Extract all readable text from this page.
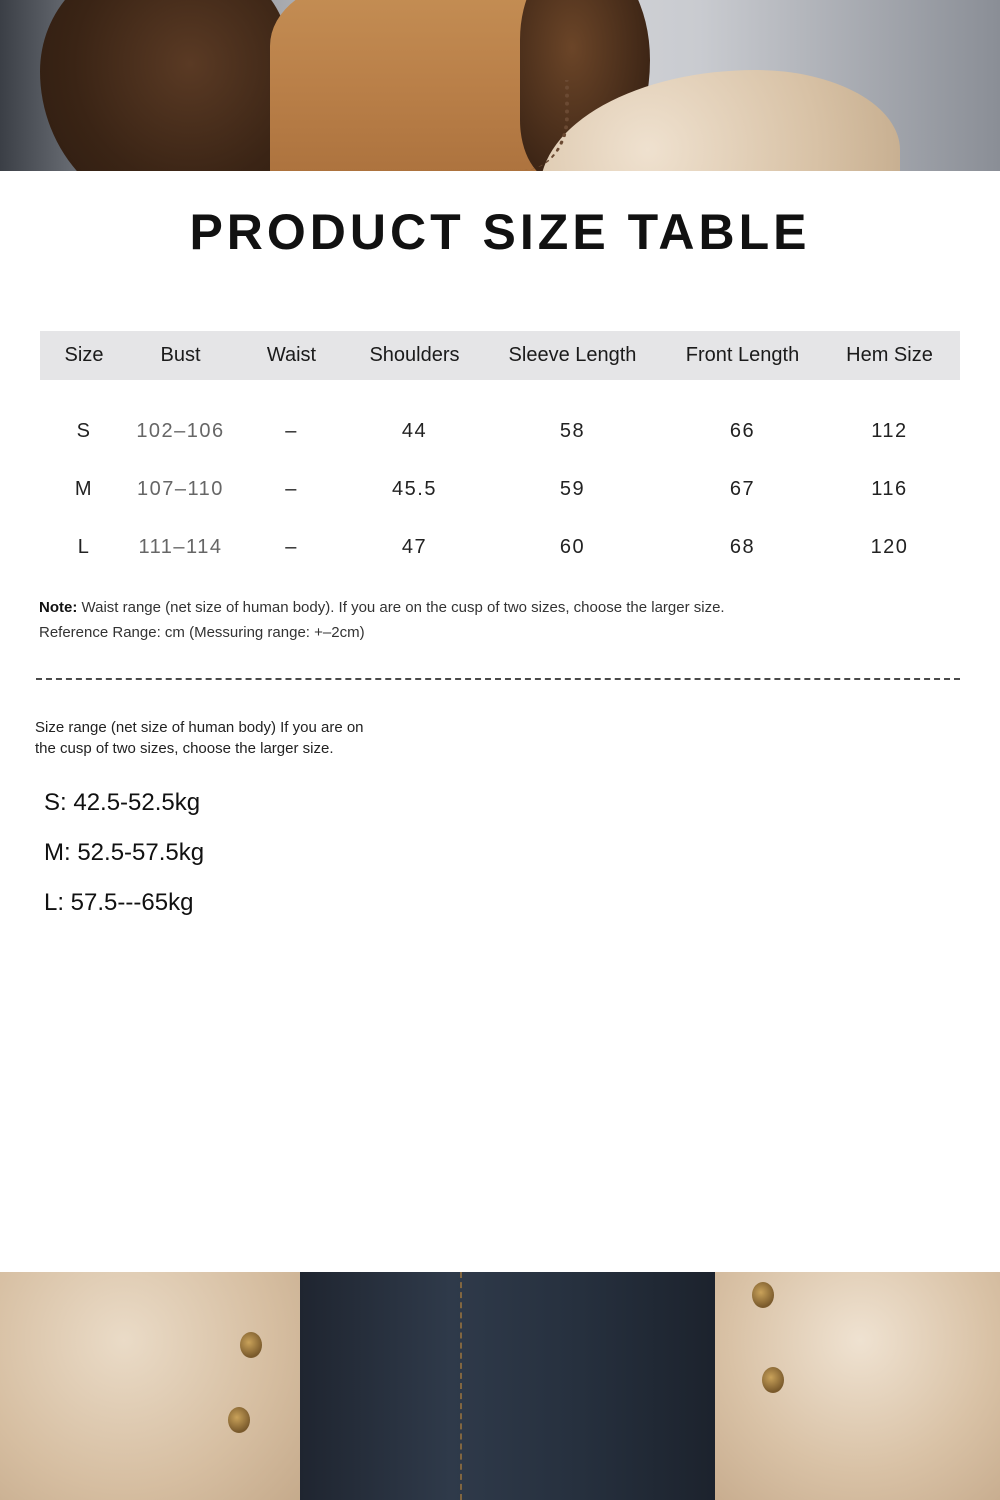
PRODUCT SIZE TABLE
Size	Bust	Waist	Shoulders	Sleeve Length	Front Length	Hem Size
S	102–106	–	44	58	66	112
M	107–110	–	45.5	59	67	116
L	111–114	–	47	60	68	120
Note: Waist range (net size of human body). If you are on the cusp of two sizes, choose the larger size.
Reference Range: cm (Messuring range: +–2cm)
Size range (net size of human body) If you are on the cusp of two sizes, choose the larger size.
S: 42.5-52.5kg
M: 52.5-57.5kg
L: 57.5---65kg
